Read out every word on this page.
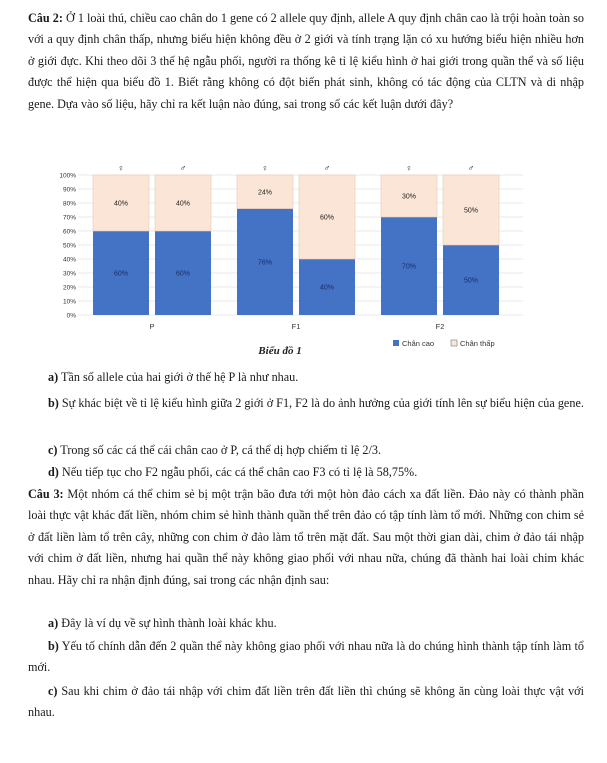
Câu 2: Ở 1 loài thú, chiều cao chân do 1 gene có 2 allele quy định, allele A quy định chân cao là trội hoàn toàn so với a quy định chân thấp, nhưng biểu hiện không đều ở 2 giới và tính trạng lặn có xu hướng biểu hiện nhiều hơn ở giới đực. Khi theo dõi 3 thế hệ ngẫu phối, người ra thống kê tỉ lệ kiểu hình ở hai giới trong quần thể và số liệu được thể hiện qua biểu đồ 1. Biết rằng không có đột biến phát sinh, không có tác động của CLTN và di nhập gene. Dựa vào số liệu, hãy chỉ ra kết luận nào đúng, sai trong số các kết luận dưới đây?
100%
90%
80%
70%
60%
50%
40%
30%
20%
10%
0%
60%
40%
60%
40%
76%
24%
40%
60%
70%
30%
50%
50%
♀	♂	♀	♂	♀	♂
P	F1	F2
Biểu đồ 1
Chân cao	Chân thấp
a) Tần số allele của hai giới ở thế hệ P là như nhau.
b) Sự khác biệt về tỉ lệ kiểu hình giữa 2 giới ở F1, F2 là do ảnh hưởng của giới tính lên sự biểu hiện của gene.
c) Trong số các cá thể cái chân cao ở P, cá thể dị hợp chiếm tỉ lệ 2/3.
d) Nếu tiếp tục cho F2 ngẫu phối, các cá thể chân cao F3 có tỉ lệ là 58,75%.
Câu 3: Một nhóm cá thể chim sẻ bị một trận bão đưa tới một hòn đảo cách xa đất liền. Đảo này có thành phần loài thực vật khác đất liền, nhóm chim sẻ hình thành quần thể trên đảo có tập tính làm tổ mới. Những con chim sẻ ở đất liền làm tổ trên cây, những con chim ở đảo làm tổ trên mặt đất. Sau một thời gian dài, chim ở đảo tái nhập với chim ở đất liền, nhưng hai quần thể này không giao phối với nhau nữa, chúng đã thành hai loài chim khác nhau. Hãy chỉ ra nhận định đúng, sai trong các nhận định sau:
a) Đây là ví dụ về sự hình thành loài khác khu.
b) Yếu tố chính dẫn đến 2 quần thể này không giao phối với nhau nữa là do chúng hình thành tập tính làm tổ mới.
c) Sau khi chim ở đảo tái nhập với chim đất liền trên đất liền thì chúng sẽ không ăn cùng loài thực vật với nhau.
